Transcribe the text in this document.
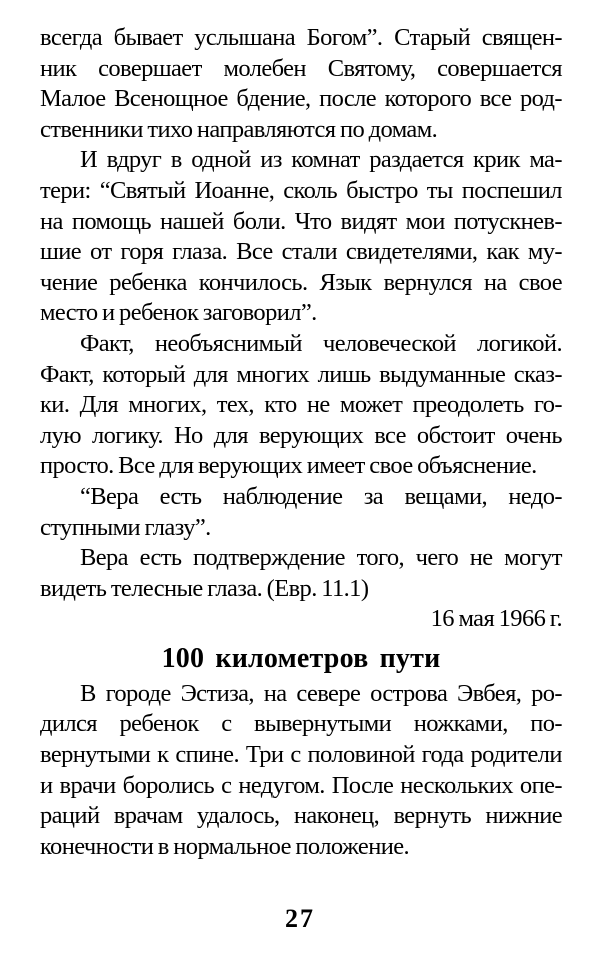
всегда бывает услышана Богом”. Старый священ-
ник совершает молебен Святому, совершается
Малое Всенощное бдение, после которого все род-
ственники тихо направляются по домам.
И вдруг в одной из комнат раздается крик ма-
тери: “Святый Иоанне, сколь быстро ты поспешил
на помощь нашей боли. Что видят мои потускнев-
шие от горя глаза. Все стали свидетелями, как му-
чение ребенка кончилось. Язык вернулся на свое
место и ребенок заговорил”.
Факт, необъяснимый человеческой логикой.
Факт, который для многих лишь выдуманные сказ-
ки. Для многих, тех, кто не может преодолеть го-
лую логику. Но для верующих все обстоит очень
просто. Все для верующих имеет свое объяснение.
“Вера есть наблюдение за вещами, недо-
ступными глазу”.
Вера есть подтверждение того, чего не могут
видеть телесные глаза. (Евр. 11.1)
16 мая 1966 г.
100 километров пути
В городе Эстиза, на севере острова Эвбея, ро-
дился ребенок с вывернутыми ножками, по-
вернутыми к спине. Три с половиной года родители
и врачи боролись с недугом. После нескольких опе-
раций врачам удалось, наконец, вернуть нижние
конечности в нормальное положение.
27
